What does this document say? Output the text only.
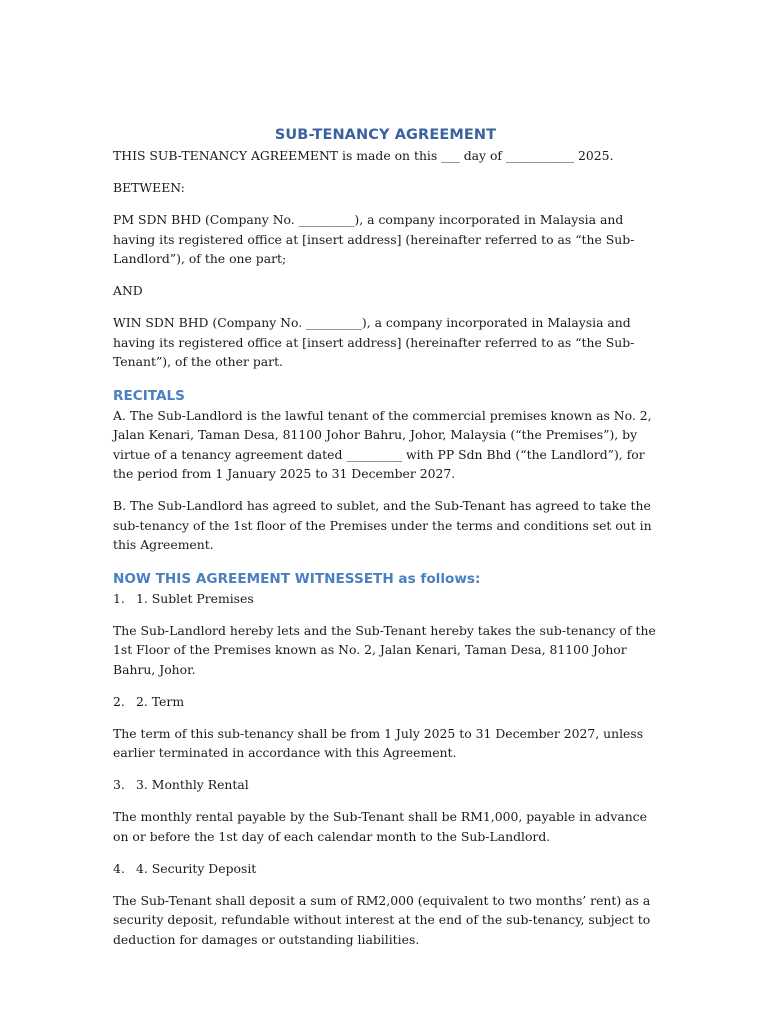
SUB-TENANCY AGREEMENT

THIS SUB-TENANCY AGREEMENT is made on this ___ day of ___________ 2025.

BETWEEN:

PM SDN BHD (Company No. _________), a company incorporated in Malaysia and having its registered office at [insert address] (hereinafter referred to as “the Sub-Landlord”), of the one part;

AND

WIN SDN BHD (Company No. _________), a company incorporated in Malaysia and having its registered office at [insert address] (hereinafter referred to as “the Sub-Tenant”), of the other part.

RECITALS

A. The Sub-Landlord is the lawful tenant of the commercial premises known as No. 2, Jalan Kenari, Taman Desa, 81100 Johor Bahru, Johor, Malaysia (“the Premises”), by virtue of a tenancy agreement dated _________ with PP Sdn Bhd (“the Landlord”), for the period from 1 January 2025 to 31 December 2027.

B. The Sub-Landlord has agreed to sublet, and the Sub-Tenant has agreed to take the sub-tenancy of the 1st floor of the Premises under the terms and conditions set out in this Agreement.

NOW THIS AGREEMENT WITNESSETH as follows:
1. 1. Sublet Premises

The Sub-Landlord hereby lets and the Sub-Tenant hereby takes the sub-tenancy of the 1st Floor of the Premises known as No. 2, Jalan Kenari, Taman Desa, 81100 Johor Bahru, Johor.

2. 2. Term

The term of this sub-tenancy shall be from 1 July 2025 to 31 December 2027, unless earlier terminated in accordance with this Agreement.

3. 3. Monthly Rental

The monthly rental payable by the Sub-Tenant shall be RM1,000, payable in advance on or before the 1st day of each calendar month to the Sub-Landlord.

4. 4. Security Deposit

The Sub-Tenant shall deposit a sum of RM2,000 (equivalent to two months’ rent) as a security deposit, refundable without interest at the end of the sub-tenancy, subject to deduction for damages or outstanding liabilities.
